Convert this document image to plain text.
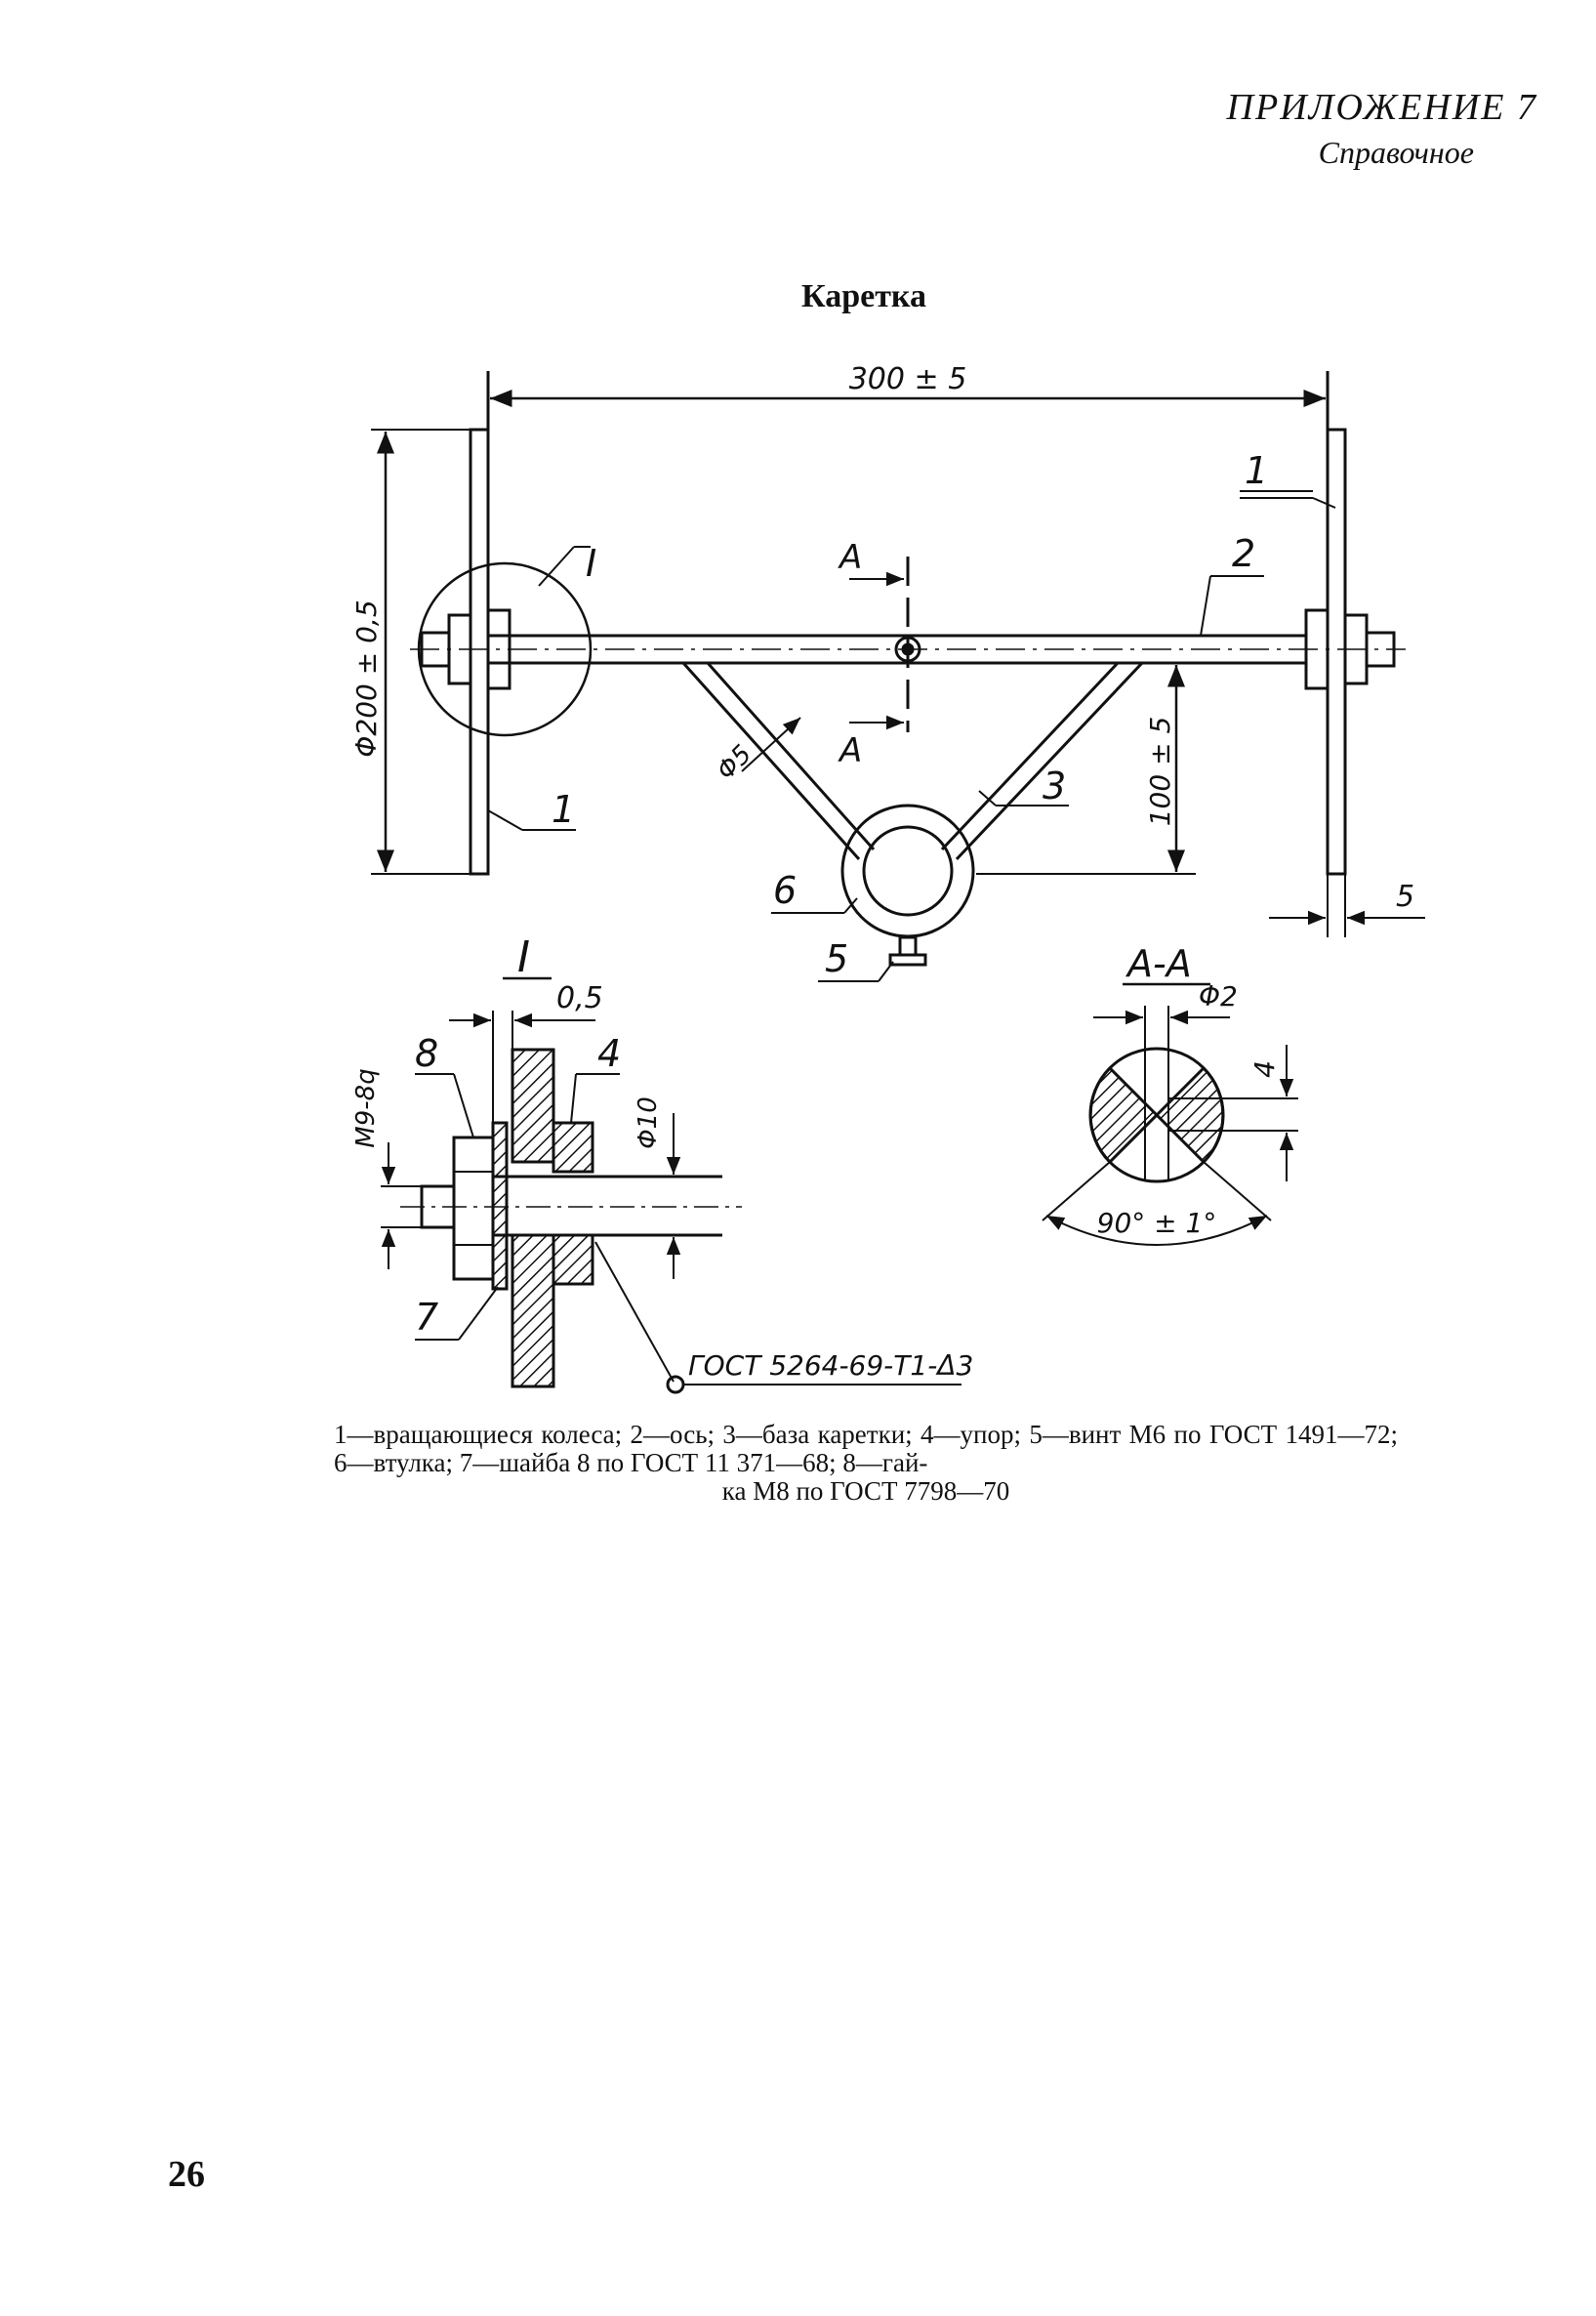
ПРИЛОЖЕНИЕ 7
Справочное
Каретка
300 ± 5
Φ200 ± 0,5
I	A
A
Φ5	100 ± 5
5
1
2
3
1
6
5
I
0,5
M9-8q	Φ10
8	4
7
ГОСТ 5264-69-Т1-Δ3
A-A
Φ2
4
90° ± 1°
1—вращающиеся колеса; 2—ось; 3—база каретки; 4—упор; 5—винт M6 по ГОСТ 1491—72; 6—втулка; 7—шайба 8 по ГОСТ 11 371—68; 8—гай-
ка M8 по ГОСТ 7798—70
26
